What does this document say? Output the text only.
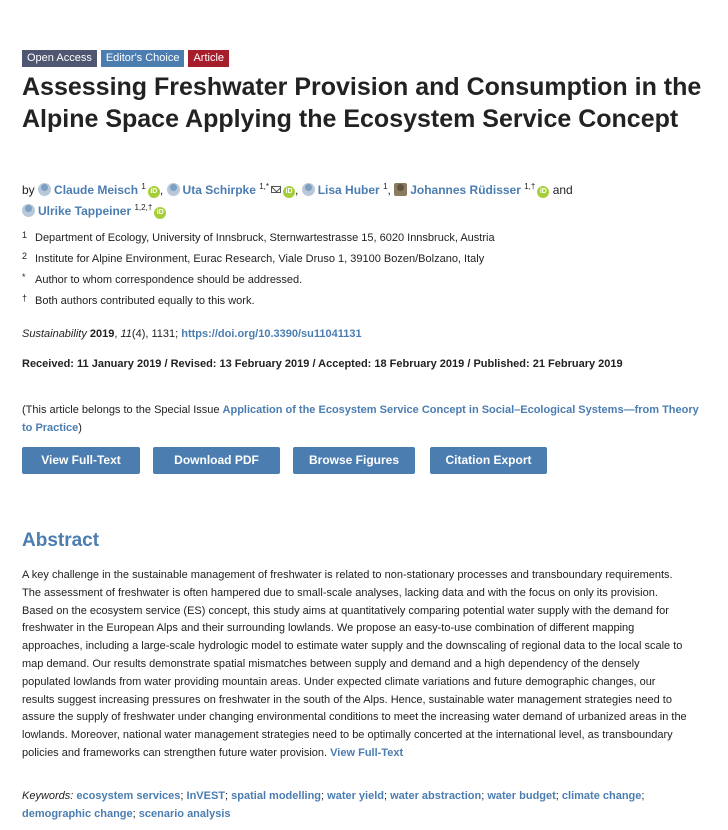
Open Access	Editor's Choice	Article
Assessing Freshwater Provision and Consumption in the Alpine Space Applying the Ecosystem Service Concept
by Claude Meisch $^1$iD , Uta Schirpke $^{1,*}$iD , Lisa Huber $^1$, Johannes Rüdisser $^{1,\dagger}$iD and
Ulrike Tappeiner $^{1,2,\dagger}$iD
1 Department of Ecology, University of Innsbruck, Sternwartestrasse 15, 6020 Innsbruck, Austria
2 Institute for Alpine Environment, Eurac Research, Viale Druso 1, 39100 Bozen/Bolzano, Italy
* Author to whom correspondence should be addressed.
† Both authors contributed equally to this work.
Sustainability 2019, 11(4), 1131; https://doi.org/10.3390/su11041131
Received: 11 January 2019 / Revised: 13 February 2019 / Accepted: 18 February 2019 / Published: 21 February 2019
(This article belongs to the Special Issue Application of the Ecosystem Service Concept in Social–Ecological Systems—from Theory to Practice)
View Full-Text	Download PDF	Browse Figures	Citation Export
Abstract
A key challenge in the sustainable management of freshwater is related to non-stationary processes and transboundary requirements. The assessment of freshwater is often hampered due to small-scale analyses, lacking data and with the focus on only its provision. Based on the ecosystem service (ES) concept, this study aims at quantitatively comparing potential water supply with the demand for freshwater in the European Alps and their surrounding lowlands. We propose an easy-to-use combination of different mapping approaches, including a large-scale hydrologic model to estimate water supply and the downscaling of regional data to the local scale to map demand. Our results demonstrate spatial mismatches between supply and demand and a high dependency of the densely populated lowlands from water providing mountain areas. Under expected climate variations and future demographic changes, our results suggest increasing pressures on freshwater in the south of the Alps. Hence, sustainable water management strategies need to assure the supply of freshwater under changing environmental conditions to meet the increasing water demand of urbanized areas in the lowlands. Moreover, national water management strategies need to be optimally concerted at the international level, as transboundary policies and frameworks can strengthen future water provision. View Full-Text
Keywords: ecosystem services; InVEST; spatial modelling; water yield; water abstraction; water budget; climate change; demographic change; scenario analysis
